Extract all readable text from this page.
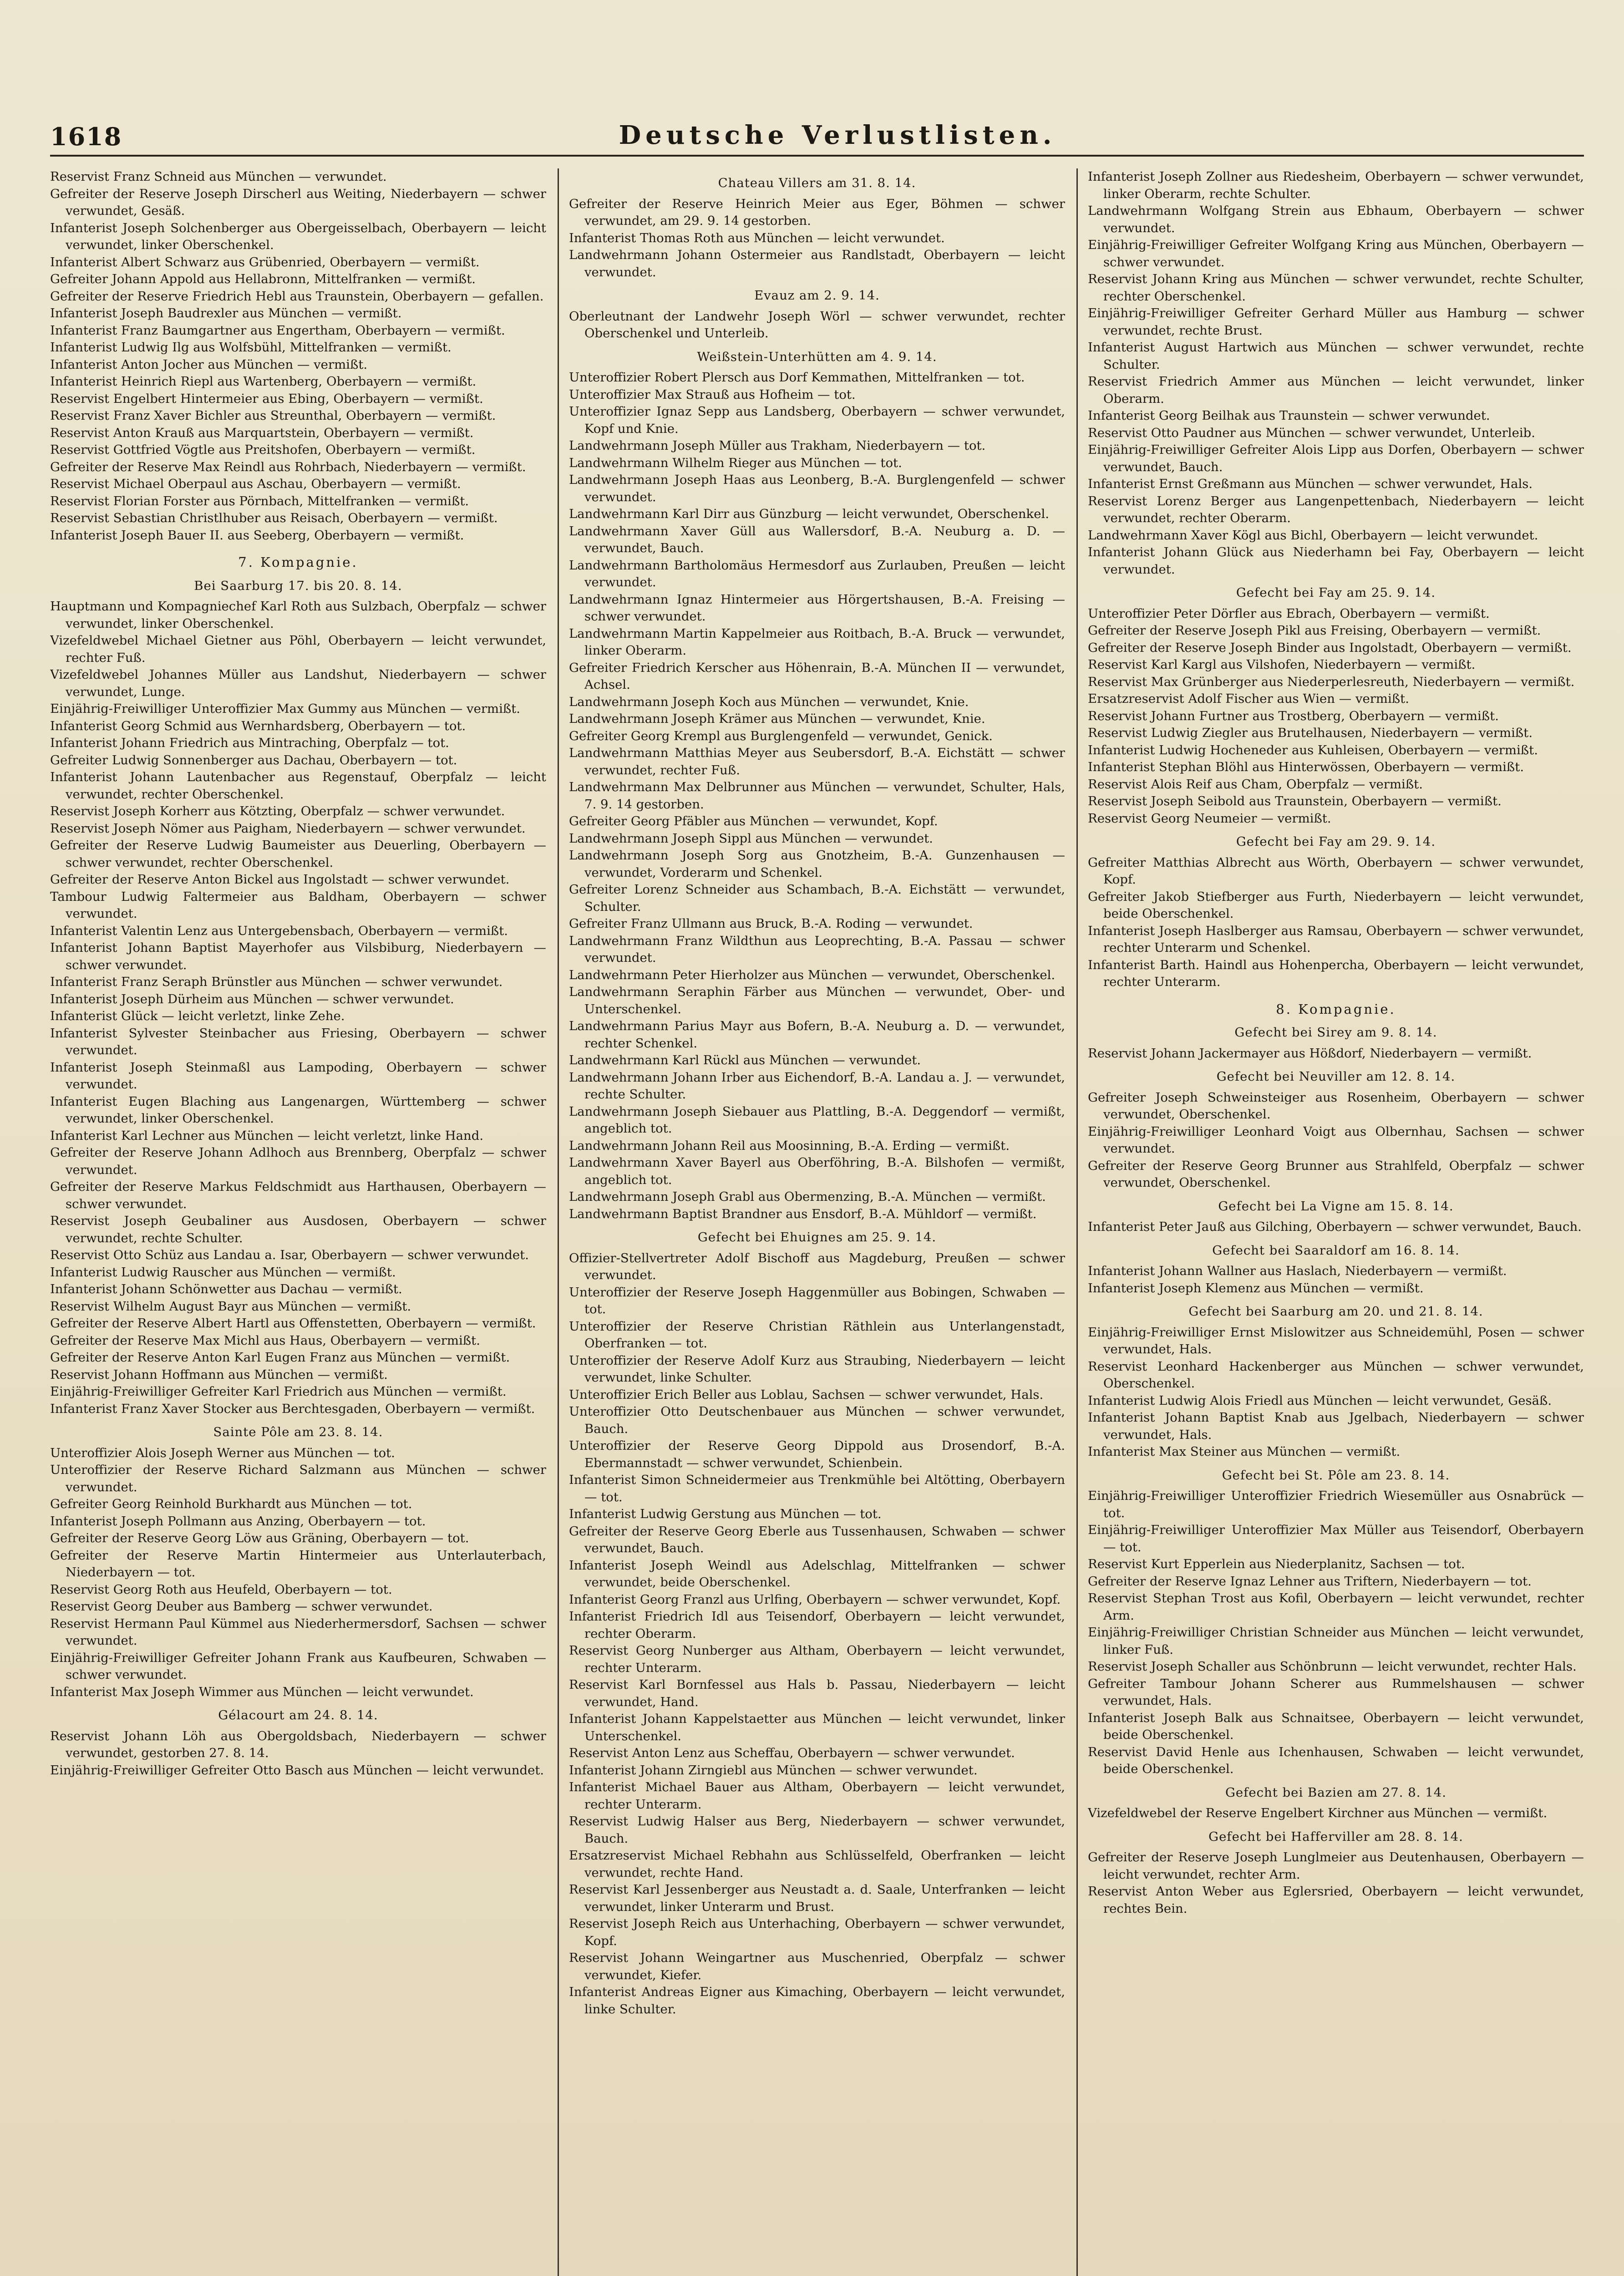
1618	Deutsche Verlustlisten.

Reservist Franz Schneid aus München — verwundet.

Gefreiter der Reserve Joseph Dirscherl aus Weiting, Niederbayern — schwer verwundet, Gesäß.

Infanterist Joseph Solchenberger aus Obergeisselbach, Oberbayern — leicht verwundet, linker Oberschenkel.

Infanterist Albert Schwarz aus Grübenried, Oberbayern — vermißt.

Gefreiter Johann Appold aus Hellabronn, Mittelfranken — vermißt.

Gefreiter der Reserve Friedrich Hebl aus Traunstein, Oberbayern — gefallen.

Infanterist Joseph Baudrexler aus München — vermißt.

Infanterist Franz Baumgartner aus Engertham, Oberbayern — vermißt.

Infanterist Ludwig Ilg aus Wolfsbühl, Mittelfranken — vermißt.

Infanterist Anton Jocher aus München — vermißt.

Infanterist Heinrich Riepl aus Wartenberg, Oberbayern — vermißt.

Reservist Engelbert Hintermeier aus Ebing, Oberbayern — vermißt.

Reservist Franz Xaver Bichler aus Streunthal, Oberbayern — vermißt.

Reservist Anton Krauß aus Marquartstein, Oberbayern — vermißt.

Reservist Gottfried Vögtle aus Preitshofen, Oberbayern — vermißt.

Gefreiter der Reserve Max Reindl aus Rohrbach, Niederbayern — vermißt.

Reservist Michael Oberpaul aus Aschau, Oberbayern — vermißt.

Reservist Florian Forster aus Pörnbach, Mittelfranken — vermißt.

Reservist Sebastian Christlhuber aus Reisach, Oberbayern — vermißt.

Infanterist Joseph Bauer II. aus Seeberg, Oberbayern — vermißt.

7. Kompagnie.

Bei Saarburg 17. bis 20. 8. 14.

Hauptmann und Kompagniechef Karl Roth aus Sulzbach, Oberpfalz — schwer verwundet, linker Oberschenkel.

Vizefeldwebel Michael Gietner aus Pöhl, Oberbayern — leicht verwundet, rechter Fuß.

Vizefeldwebel Johannes Müller aus Landshut, Niederbayern — schwer verwundet, Lunge.

Einjährig-Freiwilliger Unteroffizier Max Gummy aus München — vermißt.

Infanterist Georg Schmid aus Wernhardsberg, Oberbayern — tot.

Infanterist Johann Friedrich aus Mintraching, Oberpfalz — tot.

Gefreiter Ludwig Sonnenberger aus Dachau, Oberbayern — tot.

Infanterist Johann Lautenbacher aus Regenstauf, Oberpfalz — leicht verwundet, rechter Oberschenkel.

Reservist Joseph Korherr aus Kötzting, Oberpfalz — schwer verwundet.

Reservist Joseph Nömer aus Paigham, Niederbayern — schwer verwundet.

Gefreiter der Reserve Ludwig Baumeister aus Deuerling, Oberbayern — schwer verwundet, rechter Oberschenkel.

Gefreiter der Reserve Anton Bickel aus Ingolstadt — schwer verwundet.

Tambour Ludwig Faltermeier aus Baldham, Oberbayern — schwer verwundet.

Infanterist Valentin Lenz aus Untergebensbach, Oberbayern — vermißt.

Infanterist Johann Baptist Mayerhofer aus Vilsbiburg, Niederbayern — schwer verwundet.

Infanterist Franz Seraph Brünstler aus München — schwer verwundet.

Infanterist Joseph Dürheim aus München — schwer verwundet.

Infanterist Glück — leicht verletzt, linke Zehe.

Infanterist Sylvester Steinbacher aus Friesing, Oberbayern — schwer verwundet.

Infanterist Joseph Steinmaßl aus Lampoding, Oberbayern — schwer verwundet.

Infanterist Eugen Blaching aus Langenargen, Württemberg — schwer verwundet, linker Oberschenkel.

Infanterist Karl Lechner aus München — leicht verletzt, linke Hand.

Gefreiter der Reserve Johann Adlhoch aus Brennberg, Oberpfalz — schwer verwundet.

Gefreiter der Reserve Markus Feldschmidt aus Harthausen, Oberbayern — schwer verwundet.

Reservist Joseph Geubaliner aus Ausdosen, Oberbayern — schwer verwundet, rechte Schulter.

Reservist Otto Schüz aus Landau a. Isar, Oberbayern — schwer verwundet.

Infanterist Ludwig Rauscher aus München — vermißt.

Infanterist Johann Schönwetter aus Dachau — vermißt.

Reservist Wilhelm August Bayr aus München — vermißt.

Gefreiter der Reserve Albert Hartl aus Offenstetten, Oberbayern — vermißt.

Gefreiter der Reserve Max Michl aus Haus, Oberbayern — vermißt.

Gefreiter der Reserve Anton Karl Eugen Franz aus München — vermißt.

Reservist Johann Hoffmann aus München — vermißt.

Einjährig-Freiwilliger Gefreiter Karl Friedrich aus München — vermißt.

Infanterist Franz Xaver Stocker aus Berchtesgaden, Oberbayern — vermißt.

Sainte Pôle am 23. 8. 14.

Unteroffizier Alois Joseph Werner aus München — tot.

Unteroffizier der Reserve Richard Salzmann aus München — schwer verwundet.

Gefreiter Georg Reinhold Burkhardt aus München — tot.

Infanterist Joseph Pollmann aus Anzing, Oberbayern — tot.

Gefreiter der Reserve Georg Löw aus Gräning, Oberbayern — tot.

Gefreiter der Reserve Martin Hintermeier aus Unterlauterbach, Niederbayern — tot.

Reservist Georg Roth aus Heufeld, Oberbayern — tot.

Reservist Georg Deuber aus Bamberg — schwer verwundet.

Reservist Hermann Paul Kümmel aus Niederhermersdorf, Sachsen — schwer verwundet.

Einjährig-Freiwilliger Gefreiter Johann Frank aus Kaufbeuren, Schwaben — schwer verwundet.

Infanterist Max Joseph Wimmer aus München — leicht verwundet.

Gélacourt am 24. 8. 14.

Reservist Johann Löh aus Obergoldsbach, Niederbayern — schwer verwundet, gestorben 27. 8. 14.

Einjährig-Freiwilliger Gefreiter Otto Basch aus München — leicht verwundet.

Chateau Villers am 31. 8. 14.

Gefreiter der Reserve Heinrich Meier aus Eger, Böhmen — schwer verwundet, am 29. 9. 14 gestorben.

Infanterist Thomas Roth aus München — leicht verwundet.

Landwehrmann Johann Ostermeier aus Randlstadt, Oberbayern — leicht verwundet.

Evauz am 2. 9. 14.

Oberleutnant der Landwehr Joseph Wörl — schwer verwundet, rechter Oberschenkel und Unterleib.

Weißstein-Unterhütten am 4. 9. 14.

Unteroffizier Robert Plersch aus Dorf Kemmathen, Mittelfranken — tot.

Unteroffizier Max Strauß aus Hofheim — tot.

Unteroffizier Ignaz Sepp aus Landsberg, Oberbayern — schwer verwundet, Kopf und Knie.

Landwehrmann Joseph Müller aus Trakham, Niederbayern — tot.

Landwehrmann Wilhelm Rieger aus München — tot.

Landwehrmann Joseph Haas aus Leonberg, B.-A. Burglengenfeld — schwer verwundet.

Landwehrmann Karl Dirr aus Günzburg — leicht verwundet, Oberschenkel.

Landwehrmann Xaver Güll aus Wallersdorf, B.-A. Neuburg a. D. — verwundet, Bauch.

Landwehrmann Bartholomäus Hermesdorf aus Zurlauben, Preußen — leicht verwundet.

Landwehrmann Ignaz Hintermeier aus Hörgertshausen, B.-A. Freising — schwer verwundet.

Landwehrmann Martin Kappelmeier aus Roitbach, B.-A. Bruck — verwundet, linker Oberarm.

Gefreiter Friedrich Kerscher aus Höhenrain, B.-A. München II — verwundet, Achsel.

Landwehrmann Joseph Koch aus München — verwundet, Knie.

Landwehrmann Joseph Krämer aus München — verwundet, Knie.

Gefreiter Georg Krempl aus Burglengenfeld — verwundet, Genick.

Landwehrmann Matthias Meyer aus Seubersdorf, B.-A. Eichstätt — schwer verwundet, rechter Fuß.

Landwehrmann Max Delbrunner aus München — verwundet, Schulter, Hals, 7. 9. 14 gestorben.

Gefreiter Georg Pfäbler aus München — verwundet, Kopf.

Landwehrmann Joseph Sippl aus München — verwundet.

Landwehrmann Joseph Sorg aus Gnotzheim, B.-A. Gunzenhausen — verwundet, Vorderarm und Schenkel.

Gefreiter Lorenz Schneider aus Schambach, B.-A. Eichstätt — verwundet, Schulter.

Gefreiter Franz Ullmann aus Bruck, B.-A. Roding — verwundet.

Landwehrmann Franz Wildthun aus Leoprechting, B.-A. Passau — schwer verwundet.

Landwehrmann Peter Hierholzer aus München — verwundet, Oberschenkel.

Landwehrmann Seraphin Färber aus München — verwundet, Ober- und Unterschenkel.

Landwehrmann Parius Mayr aus Bofern, B.-A. Neuburg a. D. — verwundet, rechter Schenkel.

Landwehrmann Karl Rückl aus München — verwundet.

Landwehrmann Johann Irber aus Eichendorf, B.-A. Landau a. J. — verwundet, rechte Schulter.

Landwehrmann Joseph Siebauer aus Plattling, B.-A. Deggendorf — vermißt, angeblich tot.

Landwehrmann Johann Reil aus Moosinning, B.-A. Erding — vermißt.

Landwehrmann Xaver Bayerl aus Oberföhring, B.-A. Bilshofen — vermißt, angeblich tot.

Landwehrmann Joseph Grabl aus Obermenzing, B.-A. München — vermißt.

Landwehrmann Baptist Brandner aus Ensdorf, B.-A. Mühldorf — vermißt.

Gefecht bei Ehuignes am 25. 9. 14.

Offizier-Stellvertreter Adolf Bischoff aus Magdeburg, Preußen — schwer verwundet.

Unteroffizier der Reserve Joseph Haggenmüller aus Bobingen, Schwaben — tot.

Unteroffizier der Reserve Christian Räthlein aus Unterlangenstadt, Oberfranken — tot.

Unteroffizier der Reserve Adolf Kurz aus Straubing, Niederbayern — leicht verwundet, linke Schulter.

Unteroffizier Erich Beller aus Loblau, Sachsen — schwer verwundet, Hals.

Unteroffizier Otto Deutschenbauer aus München — schwer verwundet, Bauch.

Unteroffizier der Reserve Georg Dippold aus Drosendorf, B.-A. Ebermannstadt — schwer verwundet, Schienbein.

Infanterist Simon Schneidermeier aus Trenkmühle bei Altötting, Oberbayern — tot.

Infanterist Ludwig Gerstung aus München — tot.

Gefreiter der Reserve Georg Eberle aus Tussenhausen, Schwaben — schwer verwundet, Bauch.

Infanterist Joseph Weindl aus Adelschlag, Mittelfranken — schwer verwundet, beide Oberschenkel.

Infanterist Georg Franzl aus Urlfing, Oberbayern — schwer verwundet, Kopf.

Infanterist Friedrich Idl aus Teisendorf, Oberbayern — leicht verwundet, rechter Oberarm.

Reservist Georg Nunberger aus Altham, Oberbayern — leicht verwundet, rechter Unterarm.

Reservist Karl Bornfessel aus Hals b. Passau, Niederbayern — leicht verwundet, Hand.

Infanterist Johann Kappelstaetter aus München — leicht verwundet, linker Unterschenkel.

Reservist Anton Lenz aus Scheffau, Oberbayern — schwer verwundet.

Infanterist Johann Zirngiebl aus München — schwer verwundet.

Infanterist Michael Bauer aus Altham, Oberbayern — leicht verwundet, rechter Unterarm.

Reservist Ludwig Halser aus Berg, Niederbayern — schwer verwundet, Bauch.

Ersatzreservist Michael Rebhahn aus Schlüsselfeld, Oberfranken — leicht verwundet, rechte Hand.

Reservist Karl Jessenberger aus Neustadt a. d. Saale, Unterfranken — leicht verwundet, linker Unterarm und Brust.

Reservist Joseph Reich aus Unterhaching, Oberbayern — schwer verwundet, Kopf.

Reservist Johann Weingartner aus Muschenried, Oberpfalz — schwer verwundet, Kiefer.

Infanterist Andreas Eigner aus Kimaching, Oberbayern — leicht verwundet, linke Schulter.

Infanterist Joseph Zollner aus Riedesheim, Oberbayern — schwer verwundet, linker Oberarm, rechte Schulter.

Landwehrmann Wolfgang Strein aus Ebhaum, Oberbayern — schwer verwundet.

Einjährig-Freiwilliger Gefreiter Wolfgang Kring aus München, Oberbayern — schwer verwundet.

Reservist Johann Kring aus München — schwer verwundet, rechte Schulter, rechter Oberschenkel.

Einjährig-Freiwilliger Gefreiter Gerhard Müller aus Hamburg — schwer verwundet, rechte Brust.

Infanterist August Hartwich aus München — schwer verwundet, rechte Schulter.

Reservist Friedrich Ammer aus München — leicht verwundet, linker Oberarm.

Infanterist Georg Beilhak aus Traunstein — schwer verwundet.

Reservist Otto Paudner aus München — schwer verwundet, Unterleib.

Einjährig-Freiwilliger Gefreiter Alois Lipp aus Dorfen, Oberbayern — schwer verwundet, Bauch.

Infanterist Ernst Greßmann aus München — schwer verwundet, Hals.

Reservist Lorenz Berger aus Langenpettenbach, Niederbayern — leicht verwundet, rechter Oberarm.

Landwehrmann Xaver Kögl aus Bichl, Oberbayern — leicht verwundet.

Infanterist Johann Glück aus Niederhamn bei Fay, Oberbayern — leicht verwundet.

Gefecht bei Fay am 25. 9. 14.

Unteroffizier Peter Dörfler aus Ebrach, Oberbayern — vermißt.

Gefreiter der Reserve Joseph Pikl aus Freising, Oberbayern — vermißt.

Gefreiter der Reserve Joseph Binder aus Ingolstadt, Oberbayern — vermißt.

Reservist Karl Kargl aus Vilshofen, Niederbayern — vermißt.

Reservist Max Grünberger aus Niederperlesreuth, Niederbayern — vermißt.

Ersatzreservist Adolf Fischer aus Wien — vermißt.

Reservist Johann Furtner aus Trostberg, Oberbayern — vermißt.

Reservist Ludwig Ziegler aus Brutelhausen, Niederbayern — vermißt.

Infanterist Ludwig Hocheneder aus Kuhleisen, Oberbayern — vermißt.

Infanterist Stephan Blöhl aus Hinterwössen, Oberbayern — vermißt.

Reservist Alois Reif aus Cham, Oberpfalz — vermißt.

Reservist Joseph Seibold aus Traunstein, Oberbayern — vermißt.

Reservist Georg Neumeier — vermißt.

Gefecht bei Fay am 29. 9. 14.

Gefreiter Matthias Albrecht aus Wörth, Oberbayern — schwer verwundet, Kopf.

Gefreiter Jakob Stiefberger aus Furth, Niederbayern — leicht verwundet, beide Oberschenkel.

Infanterist Joseph Haslberger aus Ramsau, Oberbayern — schwer verwundet, rechter Unterarm und Schenkel.

Infanterist Barth. Haindl aus Hohenpercha, Oberbayern — leicht verwundet, rechter Unterarm.

8. Kompagnie.

Gefecht bei Sirey am 9. 8. 14.

Reservist Johann Jackermayer aus Hößdorf, Niederbayern — vermißt.

Gefecht bei Neuviller am 12. 8. 14.

Gefreiter Joseph Schweinsteiger aus Rosenheim, Oberbayern — schwer verwundet, Oberschenkel.

Einjährig-Freiwilliger Leonhard Voigt aus Olbernhau, Sachsen — schwer verwundet.

Gefreiter der Reserve Georg Brunner aus Strahlfeld, Oberpfalz — schwer verwundet, Oberschenkel.

Gefecht bei La Vigne am 15. 8. 14.

Infanterist Peter Jauß aus Gilching, Oberbayern — schwer verwundet, Bauch.

Gefecht bei Saaraldorf am 16. 8. 14.

Infanterist Johann Wallner aus Haslach, Niederbayern — vermißt.

Infanterist Joseph Klemenz aus München — vermißt.

Gefecht bei Saarburg am 20. und 21. 8. 14.

Einjährig-Freiwilliger Ernst Mislowitzer aus Schneidemühl, Posen — schwer verwundet, Hals.

Reservist Leonhard Hackenberger aus München — schwer verwundet, Oberschenkel.

Infanterist Ludwig Alois Friedl aus München — leicht verwundet, Gesäß.

Infanterist Johann Baptist Knab aus Jgelbach, Niederbayern — schwer verwundet, Hals.

Infanterist Max Steiner aus München — vermißt.

Gefecht bei St. Pôle am 23. 8. 14.

Einjährig-Freiwilliger Unteroffizier Friedrich Wiesemüller aus Osnabrück — tot.

Einjährig-Freiwilliger Unteroffizier Max Müller aus Teisendorf, Oberbayern — tot.

Reservist Kurt Epperlein aus Niederplanitz, Sachsen — tot.

Gefreiter der Reserve Ignaz Lehner aus Triftern, Niederbayern — tot.

Reservist Stephan Trost aus Kofil, Oberbayern — leicht verwundet, rechter Arm.

Einjährig-Freiwilliger Christian Schneider aus München — leicht verwundet, linker Fuß.

Reservist Joseph Schaller aus Schönbrunn — leicht verwundet, rechter Hals.

Gefreiter Tambour Johann Scherer aus Rummelshausen — schwer verwundet, Hals.

Infanterist Joseph Balk aus Schnaitsee, Oberbayern — leicht verwundet, beide Oberschenkel.

Reservist David Henle aus Ichenhausen, Schwaben — leicht verwundet, beide Oberschenkel.

Gefecht bei Bazien am 27. 8. 14.

Vizefeldwebel der Reserve Engelbert Kirchner aus München — vermißt.

Gefecht bei Hafferviller am 28. 8. 14.

Gefreiter der Reserve Joseph Lunglmeier aus Deutenhausen, Oberbayern — leicht verwundet, rechter Arm.

Reservist Anton Weber aus Eglersried, Oberbayern — leicht verwundet, rechtes Bein.
